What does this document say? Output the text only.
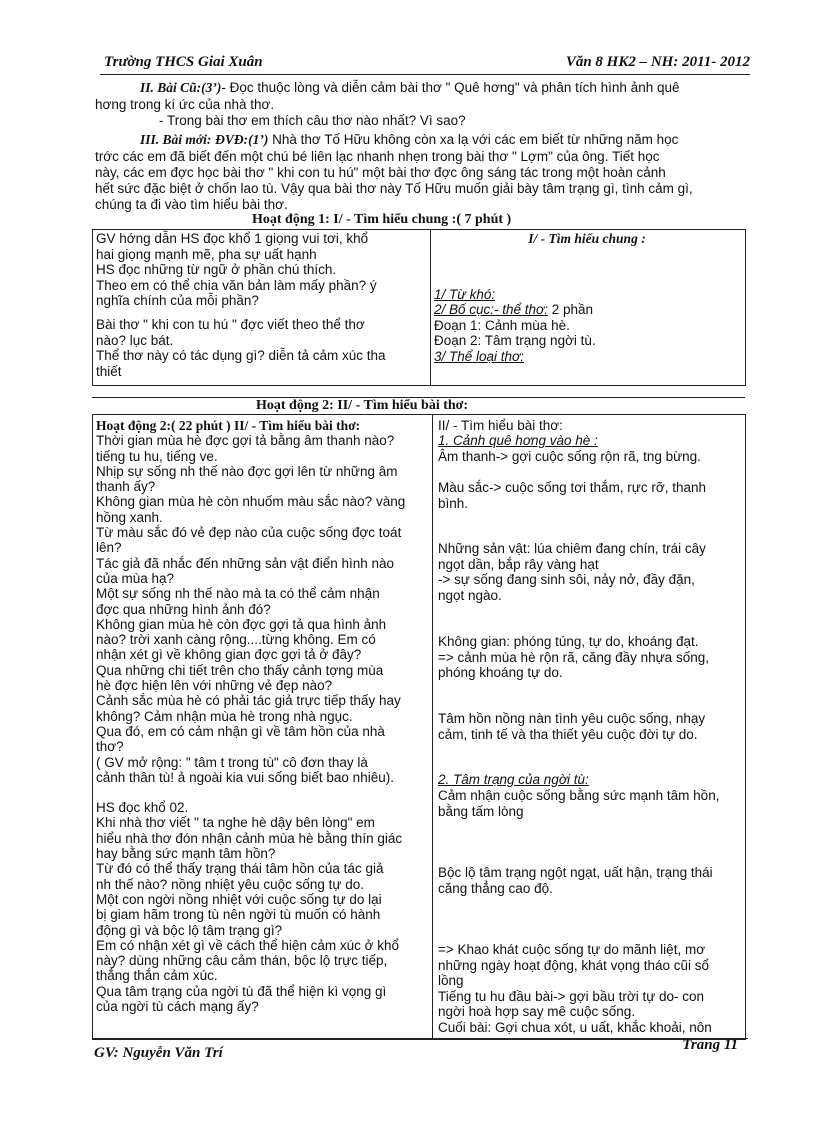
Trường THCS Giai Xuân	Văn 8 HK2 – NH: 2011- 2012
II. Bài Cũ:(3’)- Đọc thuộc lòng và diễn cảm bài thơ " Quê hơng" và phân tích hình ảnh quê
hơng trong kí ức của nhà thơ.
- Trong bài thơ em thích câu thơ nào nhất? Vì sao?
III. Bài mới: ĐVĐ:(1’) Nhà thơ Tố Hữu không còn xa lạ với các em biết từ những năm học
trớc các em đã biết đến một chú bé liên lạc nhanh nhẹn trong bài thơ " Lợm" của ông. Tiết học
này, các em đợc học bài thơ " khi con tu hú" một bài thơ đợc ông sáng tác trong một hoàn cảnh
hết sức đặc biệt ở chốn lao tù. Vậy qua bài thơ này Tố Hữu muốn giải bày tâm trạng gì, tình cảm gì,
chúng ta đi vào tìm hiểu bài thơ.
Hoạt động 1: I/ - Tìm hiểu chung :( 7 phút )
GV hớng dẫn HS đọc khổ 1 giọng vui tơi, khổ
hai giọng mạnh mẽ, pha sự uất hạnh
HS đọc những từ ngữ ở phần chú thích.
Theo em có thể chia văn bản làm mấy phần? ý
nghĩa chính của mỗi phần?
Bài thơ " khi con tu hú " đợc viết theo thể thơ
nào? lục bát.
Thể thơ này có tác dụng gì? diễn tả cảm xúc tha
thiết
I/ - Tìm hiểu chung :
1/ Từ khó:
2/ Bố cục:- thể thơ: 2 phần
Đoạn 1: Cảnh mùa hè.
Đoạn 2: Tâm trạng ngời tù.
3/ Thể loại thơ:
Hoạt động 2: II/ - Tìm hiểu bài thơ:
Hoạt động 2:( 22 phút ) II/ - Tìm hiểu bài thơ:
Thời gian mùa hè đợc gợi tả bằng âm thanh nào?
tiếng tu hu, tiếng ve.
Nhịp sự sống nh thế nào đợc gợi lên từ những âm
thanh ấy?
Không gian mùa hè còn nhuốm màu sắc nào? vàng
hồng xanh.
Từ màu sắc đó vẻ đẹp nào của cuộc sống đợc toát
lên?
Tác giả đã nhắc đến những sản vật điển hình nào
của mùa hạ?
Một sự sống nh thế nào mà ta có thể cảm nhận
đợc qua những hình ảnh đó?
Không gian mùa hè còn đợc gợi tả qua hình ảnh
nào? trời xanh càng rộng....từng không. Em có
nhận xét gì về không gian đợc gợi tả ở đây?
Qua những chi tiết trên cho thấy cảnh tợng mùa
hè đợc hiện lên với những vẻ đẹp nào?
Cảnh sắc mùa hè có phải tác giả trực tiếp thấy hay
không? Cảm nhận mùa hè trong nhà ngục.
Qua đó, em có cảm nhận gì về tâm hồn của nhà
thơ?
( GV mở rộng: " tâm t trong tù" cô đơn thay là
cảnh thân tù! ả ngoài kia vui sống biết bao nhiêu).
HS đọc khổ 02.
Khi nhà thơ viết " ta nghe hè dậy bên lòng" em
hiểu nhà thơ đón nhận cảnh mùa hè bằng thín giác
hay bằng sức mạnh tâm hồn?
Từ đó có thể thấy trạng thái tâm hồn của tác giả
nh thế nào? nồng nhiệt yêu cuộc sống tự do.
Một con ngời nồng nhiệt với cuộc sống tự do lại
bị giam hãm trong tù nên ngời tù muốn có hành
động gì và bộc lộ tâm trạng gì?
Em có nhận xét gì về cách thể hiện cảm xúc ở khổ
này? dùng những câu cảm thán, bộc lộ trực tiếp,
thẳng thắn cảm xúc.
Qua tâm trạng của ngời tù đã thể hiện kì vọng gì
của ngời tù cách mạng ấy?
II/ - Tìm hiểu bài thơ:
1. Cảnh quê hơng vào hè :
Âm thanh-> gợi cuộc sống rộn rã, tng bừng.
Màu sắc-> cuộc sống tơi thắm, rực rỡ, thanh
bình.
Những sản vật: lúa chiêm đang chín, trái cây
ngọt dần, bắp rây vàng hạt
-> sự sống đang sinh sôi, nảy nở, đầy đặn,
ngọt ngào.
Không gian: phóng túng, tự do, khoáng đạt.
=> cảnh mùa hè rộn rã, căng đầy nhựa sống,
phóng khoáng tự do.
Tâm hồn nồng nàn tình yêu cuộc sống, nhạy
cảm, tinh tế và tha thiết yêu cuộc đời tự do.
2. Tâm trạng của ngời tù:
Cảm nhận cuộc sống bằng sức mạnh tâm hồn,
bằng tấm lòng
Bộc lộ tâm trạng ngột ngạt, uất hận, trạng thái
căng thẳng cao độ.
=> Khao khát cuộc sống tự do mãnh liệt, mơ
những ngày hoạt động, khát vọng tháo cũi sổ
lồng
Tiếng tu hu đầu bài-> gợi bầu trời tự do- con
ngời hoà hợp say mê cuộc sống.
Cuối bài: Gợi chua xót, u uất, khắc khoải, nôn
GV: Nguyễn Văn Trí	Trang 11
